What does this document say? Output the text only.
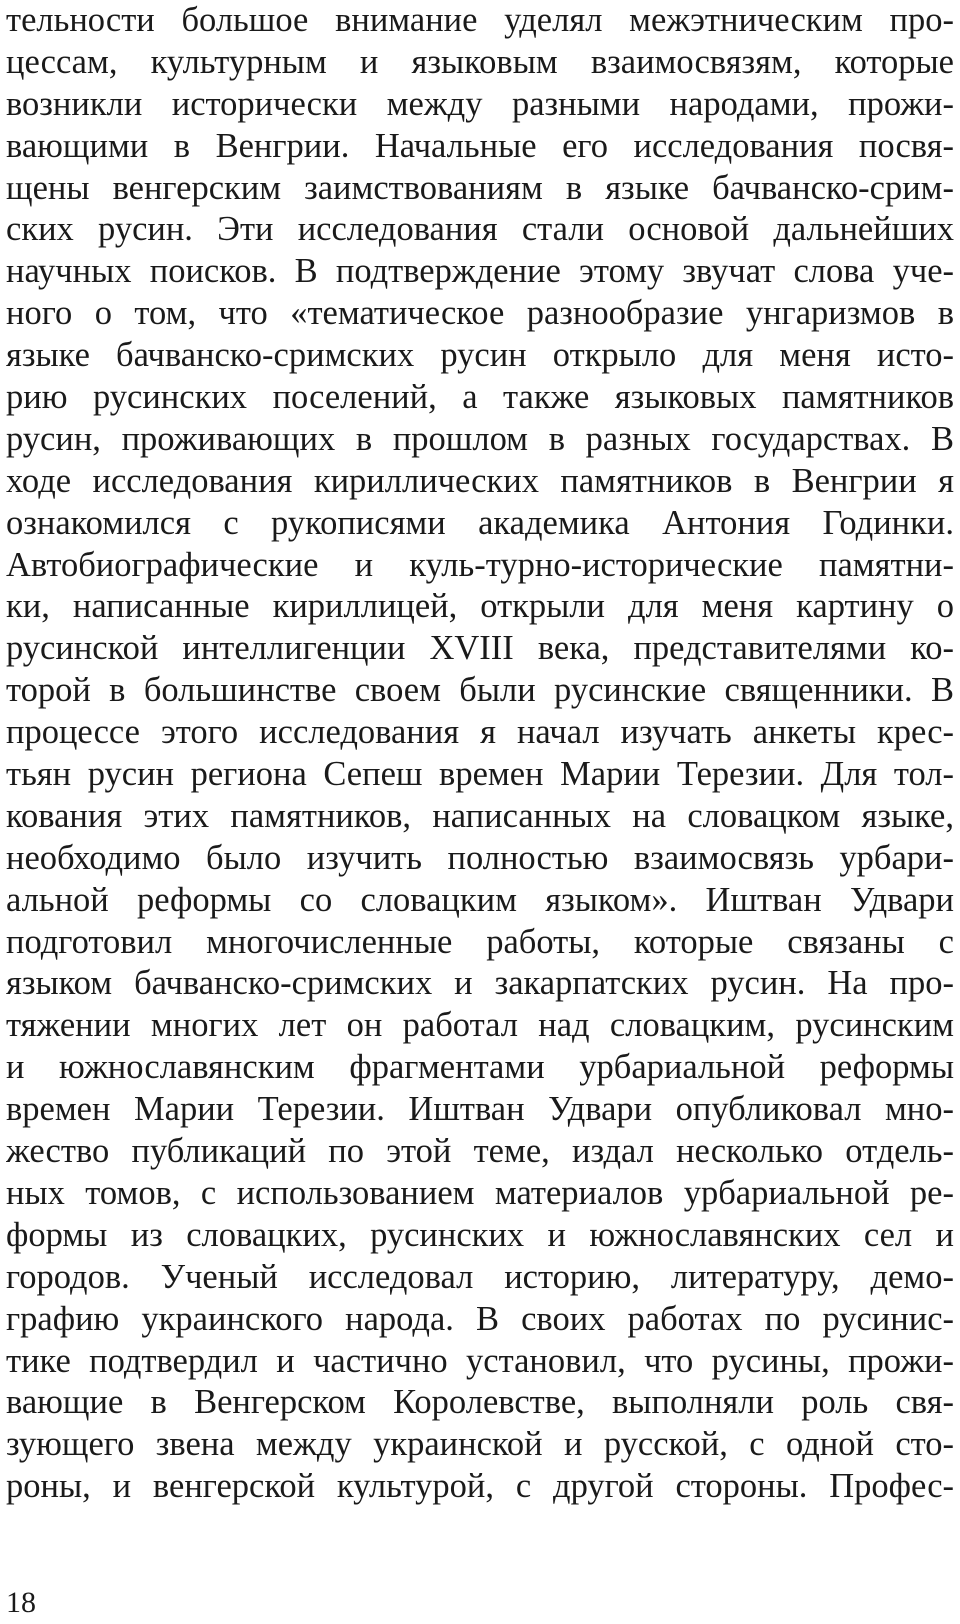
тельности большое внимание уделял межэтническим про-
цессам, культурным и языковым взаимосвязям, которые
возникли исторически между разными народами, прожи-
вающими в Венгрии. Начальные его исследования посвя-
щены венгерским заимствованиям в языке бачванско-срим-
ских русин. Эти исследования стали основой дальнейших
научных поисков. В подтверждение этому звучат слова уче-
ного о том, что «тематическое разнообразие унгаризмов в
языке бачванско-сримских русин открыло для меня исто-
рию русинских поселений, а также языковых памятников
русин, проживающих в прошлом в разных государствах. В
ходе исследования кириллических памятников в Венгрии я
ознакомился с рукописями академика Антония Годинки.
Автобиографические и куль-турно-исторические памятни-
ки, написанные кириллицей, открыли для меня картину о
русинской интеллигенции XVIII века, представителями ко-
торой в большинстве своем были русинские священники. В
процессе этого исследования я начал изучать анкеты крес-
тьян русин региона Сепеш времен Марии Терезии. Для тол-
кования этих памятников, написанных на словацком языке,
необходимо было изучить полностью взаимосвязь урбари-
альной реформы со словацким языком». Иштван Удвари
подготовил многочисленные работы, которые связаны с
языком бачванско-сримских и закарпатских русин. На про-
тяжении многих лет он работал над словацким, русинским
и южнославянским фрагментами урбариальной реформы
времен Марии Терезии. Иштван Удвари опубликовал мно-
жество публикаций по этой теме, издал несколько отдель-
ных томов, с использованием материалов урбариальной ре-
формы из словацких, русинских и южнославянских сел и
городов. Ученый исследовал историю, литературу, демо-
графию украинского народа. В своих работах по русинис-
тике подтвердил и частично установил, что русины, прожи-
вающие в Венгерском Королевстве, выполняли роль свя-
зующего звена между украинской и русской, с одной сто-
роны, и венгерской культурой, с другой стороны. Профес-
18
